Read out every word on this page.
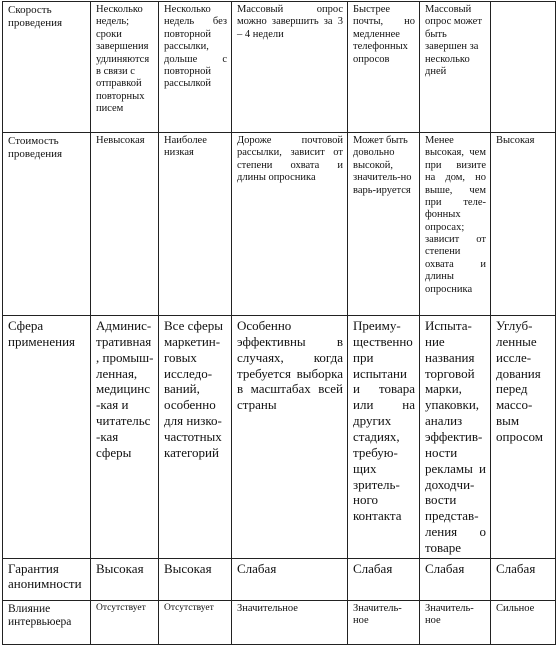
Скорость проведения	Несколько недель; сроки завершения удлиняются в связи с отправкой повторных писем	Несколько недель без повторной рассылки, дольше с повторной рассылкой	Массовый опрос можно завершить за 3 – 4 недели	Быстрее почты, но медленнее телефонных опросов	Массовый опрос может быть завершен за несколько дней	
Стоимость проведения	Невысокая	Наиболее низкая	Дороже почтовой рассылки, зависит от степени охвата и длины опросника	Может быть довольно высокой, значитель-но варь-ируется	Менее высокая, чем при визите на дом, но выше, чем при теле-фонных опросах; зависит от степени охвата и длины опросника	Высокая
Сфера применения	Админис-тративная, промыш-ленная, медицинс-кая и читательс-кая сферы	Все сферы маркетин-говых исследо-ваний, особенно для низко-частотных категорий	Особенно эффективны в случаях, когда требуется выборка в масштабах всей страны	Преиму-щественно при испытани и товара или на других стадиях, требую-щих зритель-ного контакта	Испыта-ние названия торговой марки, упаковки, анализ эффектив-ности рекламы и доходчи-вости представ-ления о товаре	Углуб-ленные иссле-дования перед массо-вым опросом
Гарантия анонимности	Высокая	Высокая	Слабая	Слабая	Слабая	Слабая
Влияние интервьюера	Отсутствует	Отсутствует	Значительное	Значитель-ное	Значитель-ное	Сильное
